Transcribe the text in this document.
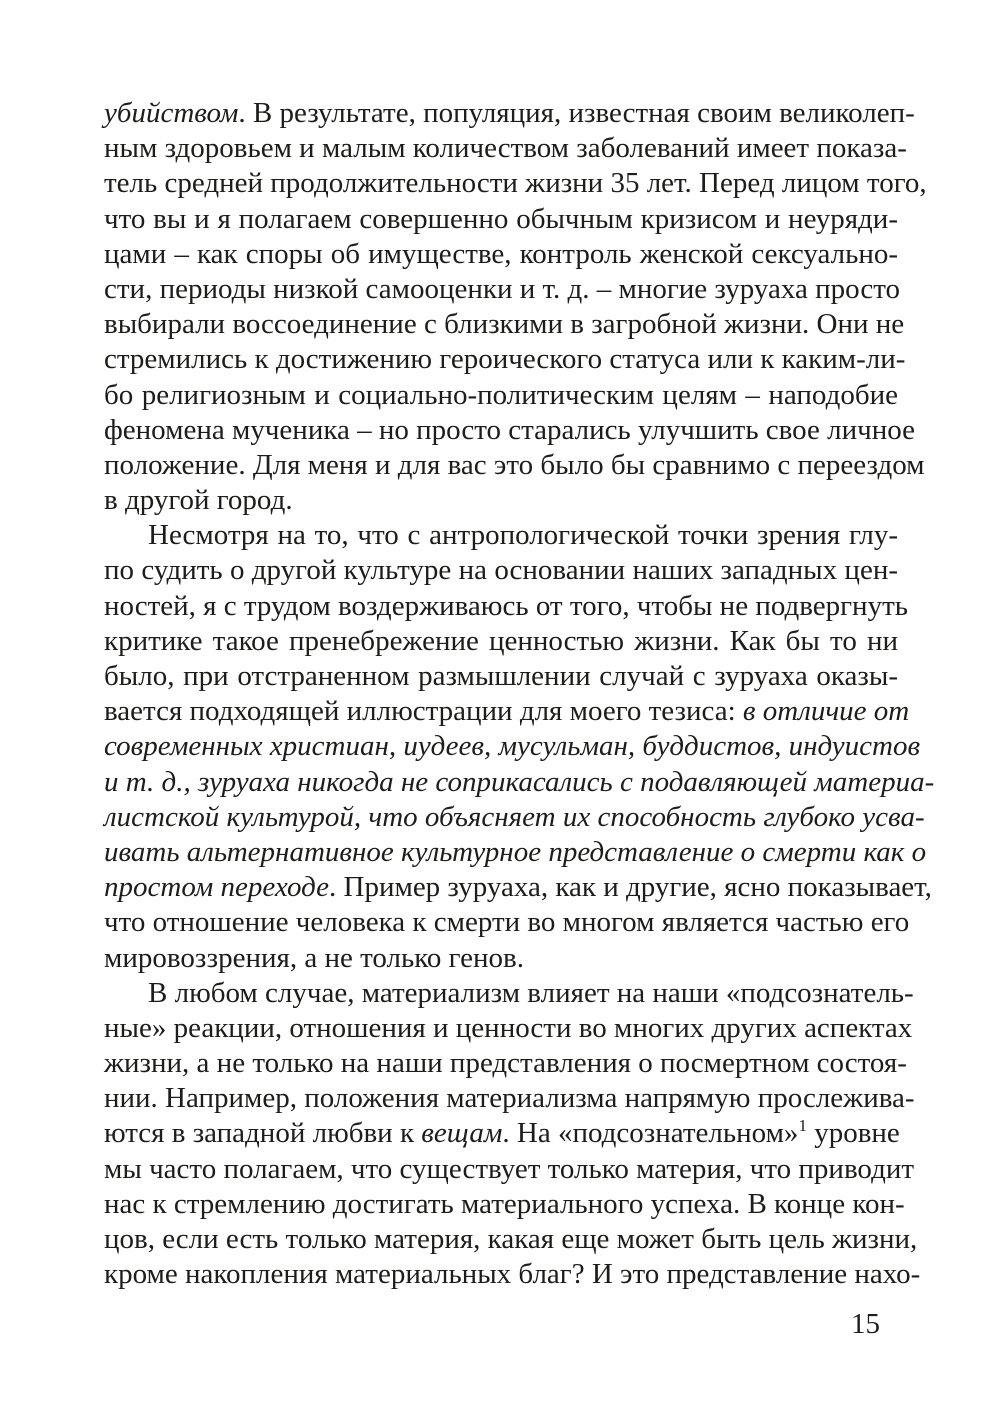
убийством. В результате, популяция, известная своим великолеп-
ным здоровьем и малым количеством заболеваний имеет показа-
тель средней продолжительности жизни 35 лет. Перед лицом того,
что вы и я полагаем совершенно обычным кризисом и неуряди-
цами – как споры об имуществе, контроль женской сексуально-
сти, периоды низкой самооценки и т. д. – многие зуруаха просто
выбирали воссоединение с близкими в загробной жизни. Они не
стремились к достижению героического статуса или к каким-ли-
бо религиозным и социально-политическим целям – наподобие
феномена мученика – но просто старались улучшить свое личное
положение. Для меня и для вас это было бы сравнимо с переездом
в другой город.
Несмотря на то, что с антропологической точки зрения глу-
по судить о другой культуре на основании наших западных цен-
ностей, я с трудом воздерживаюсь от того, чтобы не подвергнуть
критике такое пренебрежение ценностью жизни. Как бы то ни
было, при отстраненном размышлении случай с зуруаха оказы-
вается подходящей иллюстрации для моего тезиса: в отличие от
современных христиан, иудеев, мусульман, буддистов, индуистов
и т. д., зуруаха никогда не соприкасались с подавляющей материа-
листской культурой, что объясняет их способность глубоко усва-
ивать альтернативное культурное представление о смерти как о
простом переходе. Пример зуруаха, как и другие, ясно показывает,
что отношение человека к смерти во многом является частью его
мировоззрения, а не только генов.
В любом случае, материализм влияет на наши «подсознатель-
ные» реакции, отношения и ценности во многих других аспектах
жизни, а не только на наши представления о посмертном состоя-
нии. Например, положения материализма напрямую прослежива-
ются в западной любви к вещам. На «подсознательном»$^1$ уровне
мы часто полагаем, что существует только материя, что приводит
нас к стремлению достигать материального успеха. В конце кон-
цов, если есть только материя, какая еще может быть цель жизни,
кроме накопления материальных благ? И это представление нахо-
15
